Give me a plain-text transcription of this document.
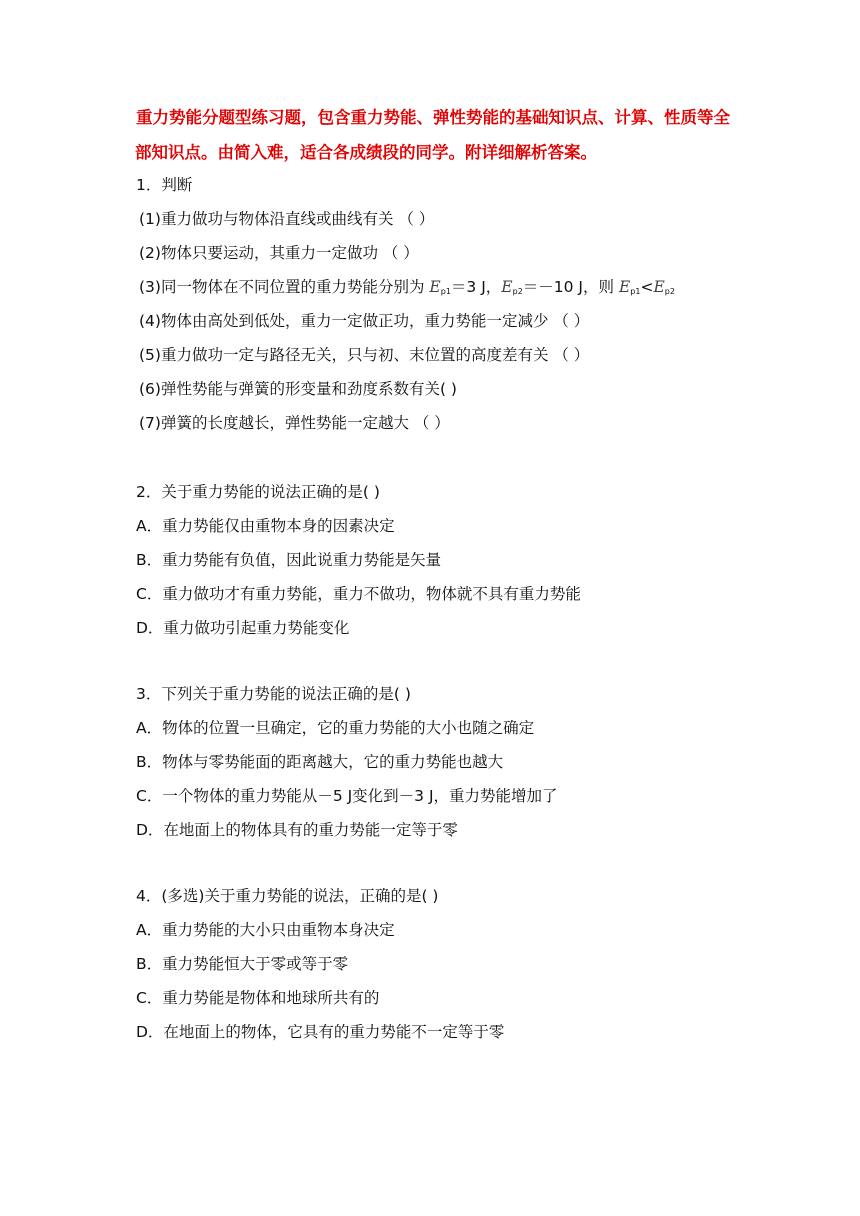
重力势能分题型练习题，包含重力势能、弹性势能的基础知识点、计算、性质等全

部知识点。由简入难，适合各成绩段的同学。附详细解析答案。

1．判断
(1)重力做功与物体沿直线或曲线有关 （ ）
(2)物体只要运动，其重力一定做功 （ ）
(3)同一物体在不同位置的重力势能分别为 $E_{p1}=3$ J，$E_{p2}=-10$ J，则 $E_{p1}<E_{p2}$
(4)物体由高处到低处，重力一定做正功，重力势能一定减少 （ ）
(5)重力做功一定与路径无关，只与初、末位置的高度差有关 （ ）
(6)弹性势能与弹簧的形变量和劲度系数有关( )
(7)弹簧的长度越长，弹性势能一定越大 （ ）
2．关于重力势能的说法正确的是( )
A．重力势能仅由重物本身的因素决定
B．重力势能有负值，因此说重力势能是矢量
C．重力做功才有重力势能，重力不做功，物体就不具有重力势能
D．重力做功引起重力势能变化
3．下列关于重力势能的说法正确的是( )
A．物体的位置一旦确定，它的重力势能的大小也随之确定
B．物体与零势能面的距离越大，它的重力势能也越大
C．一个物体的重力势能从－5 J变化到－3 J，重力势能增加了
D．在地面上的物体具有的重力势能一定等于零
4．(多选)关于重力势能的说法，正确的是( )
A．重力势能的大小只由重物本身决定
B．重力势能恒大于零或等于零
C．重力势能是物体和地球所共有的
D．在地面上的物体，它具有的重力势能不一定等于零
